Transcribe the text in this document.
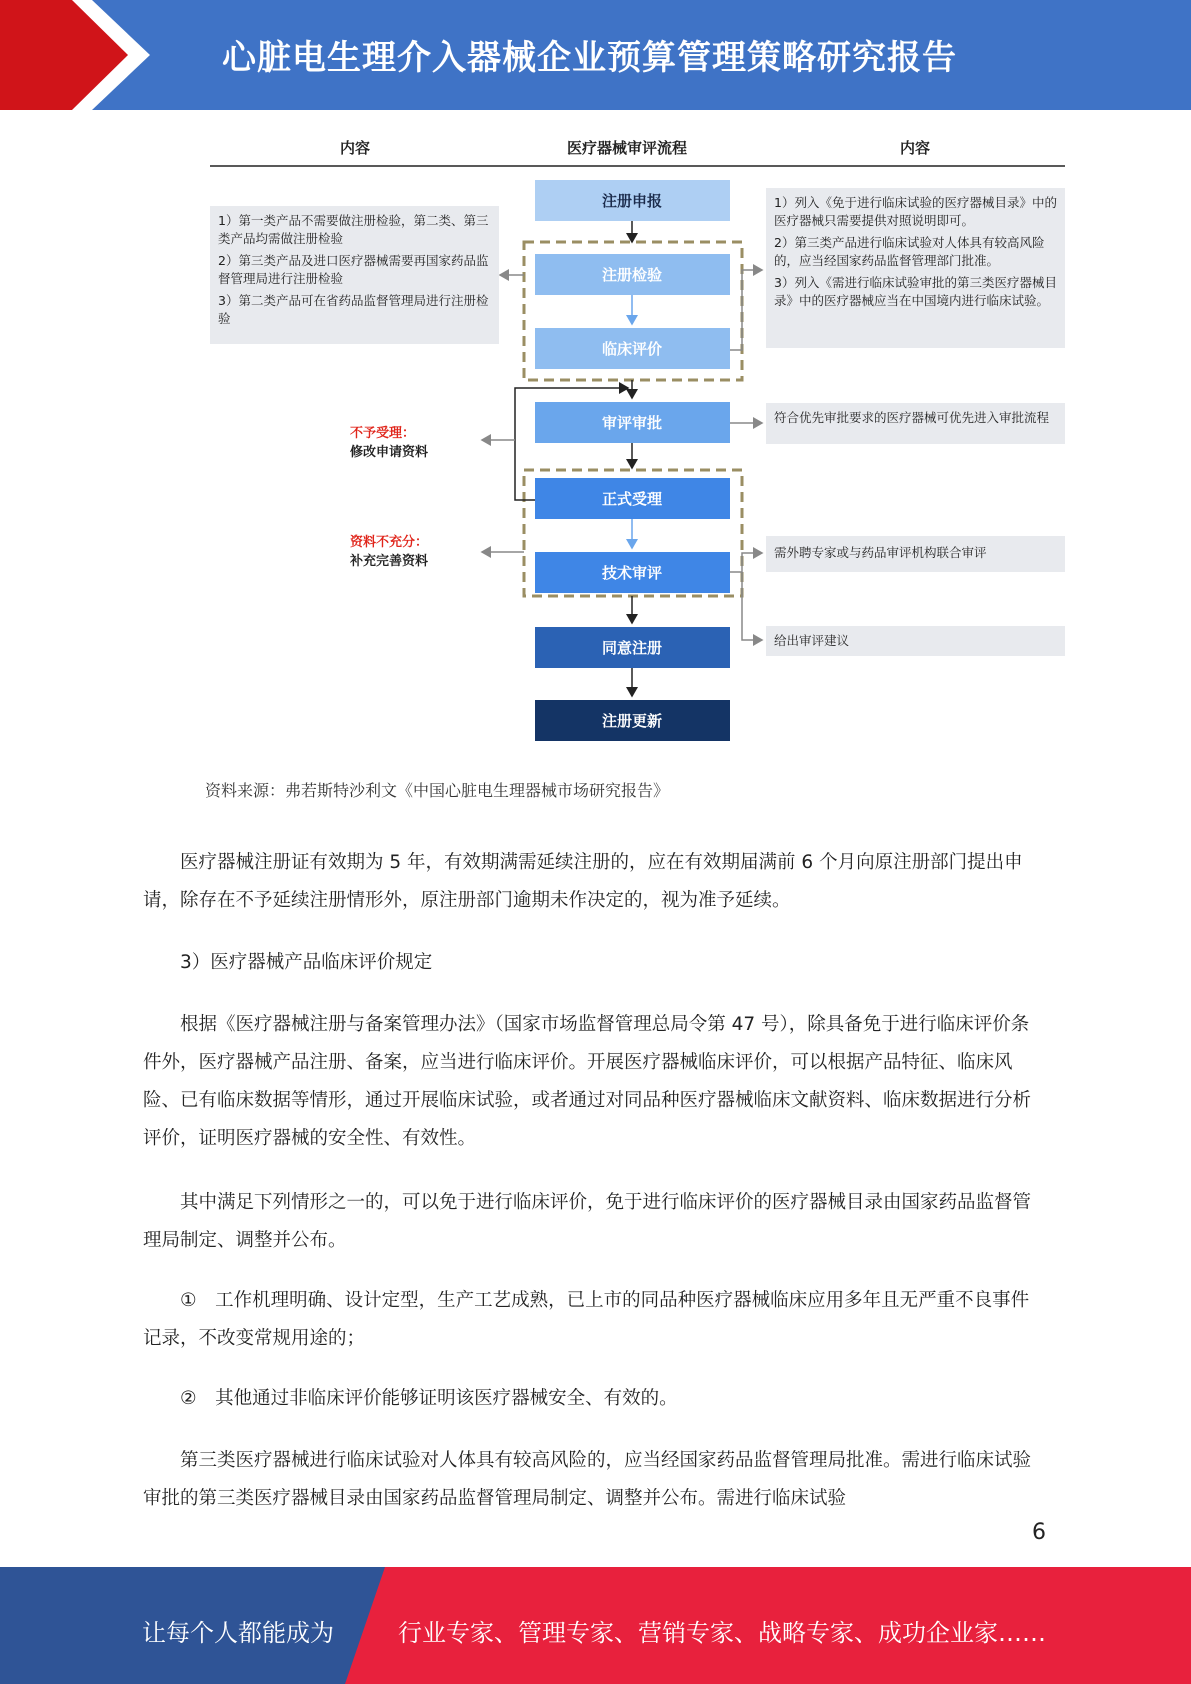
心脏电生理介入器械企业预算管理策略研究报告
内容	医疗器械审评流程	内容
注册申报
注册检验
临床评价
审评审批
正式受理
技术审评
同意注册
注册更新

1）第一类产品不需要做注册检验，第二类、第三类产品均需做注册检验

2）第三类产品及进口医疗器械需要再国家药品监督管理局进行注册检验

3）第二类产品可在省药品监督管理局进行注册检验

1）列入《免于进行临床试验的医疗器械目录》中的医疗器械只需要提供对照说明即可。

2）第三类产品进行临床试验对人体具有较高风险的，应当经国家药品监督管理部门批准。

3）列入《需进行临床试验审批的第三类医疗器械目录》中的医疗器械应当在中国境内进行临床试验。

符合优先审批要求的医疗器械可优先进入审批流程

需外聘专家或与药品审评机构联合审评

给出审评建议

不予受理：
修改申请资料
资料不充分：
补充完善资料
资料来源：弗若斯特沙利文《中国心脏电生理器械市场研究报告》
医疗器械注册证有效期为 5 年，有效期满需延续注册的，应在有效期届满前 6 个月向原注册部门提出申请，除存在不予延续注册情形外，原注册部门逾期未作决定的，视为准予延续。
3）医疗器械产品临床评价规定
根据《医疗器械注册与备案管理办法》（国家市场监督管理总局令第 47 号），除具备免于进行临床评价条件外，医疗器械产品注册、备案，应当进行临床评价。开展医疗器械临床评价，可以根据产品特征、临床风险、已有临床数据等情形，通过开展临床试验，或者通过对同品种医疗器械临床文献资料、临床数据进行分析评价，证明医疗器械的安全性、有效性。
其中满足下列情形之一的，可以免于进行临床评价，免于进行临床评价的医疗器械目录由国家药品监督管理局制定、调整并公布。
①　工作机理明确、设计定型，生产工艺成熟，已上市的同品种医疗器械临床应用多年且无严重不良事件记录，不改变常规用途的；
②　其他通过非临床评价能够证明该医疗器械安全、有效的。
第三类医疗器械进行临床试验对人体具有较高风险的，应当经国家药品监督管理局批准。需进行临床试验审批的第三类医疗器械目录由国家药品监督管理局制定、调整并公布。需进行临床试验
6
让每个人都能成为	行业专家、管理专家、营销专家、战略专家、成功企业家……
